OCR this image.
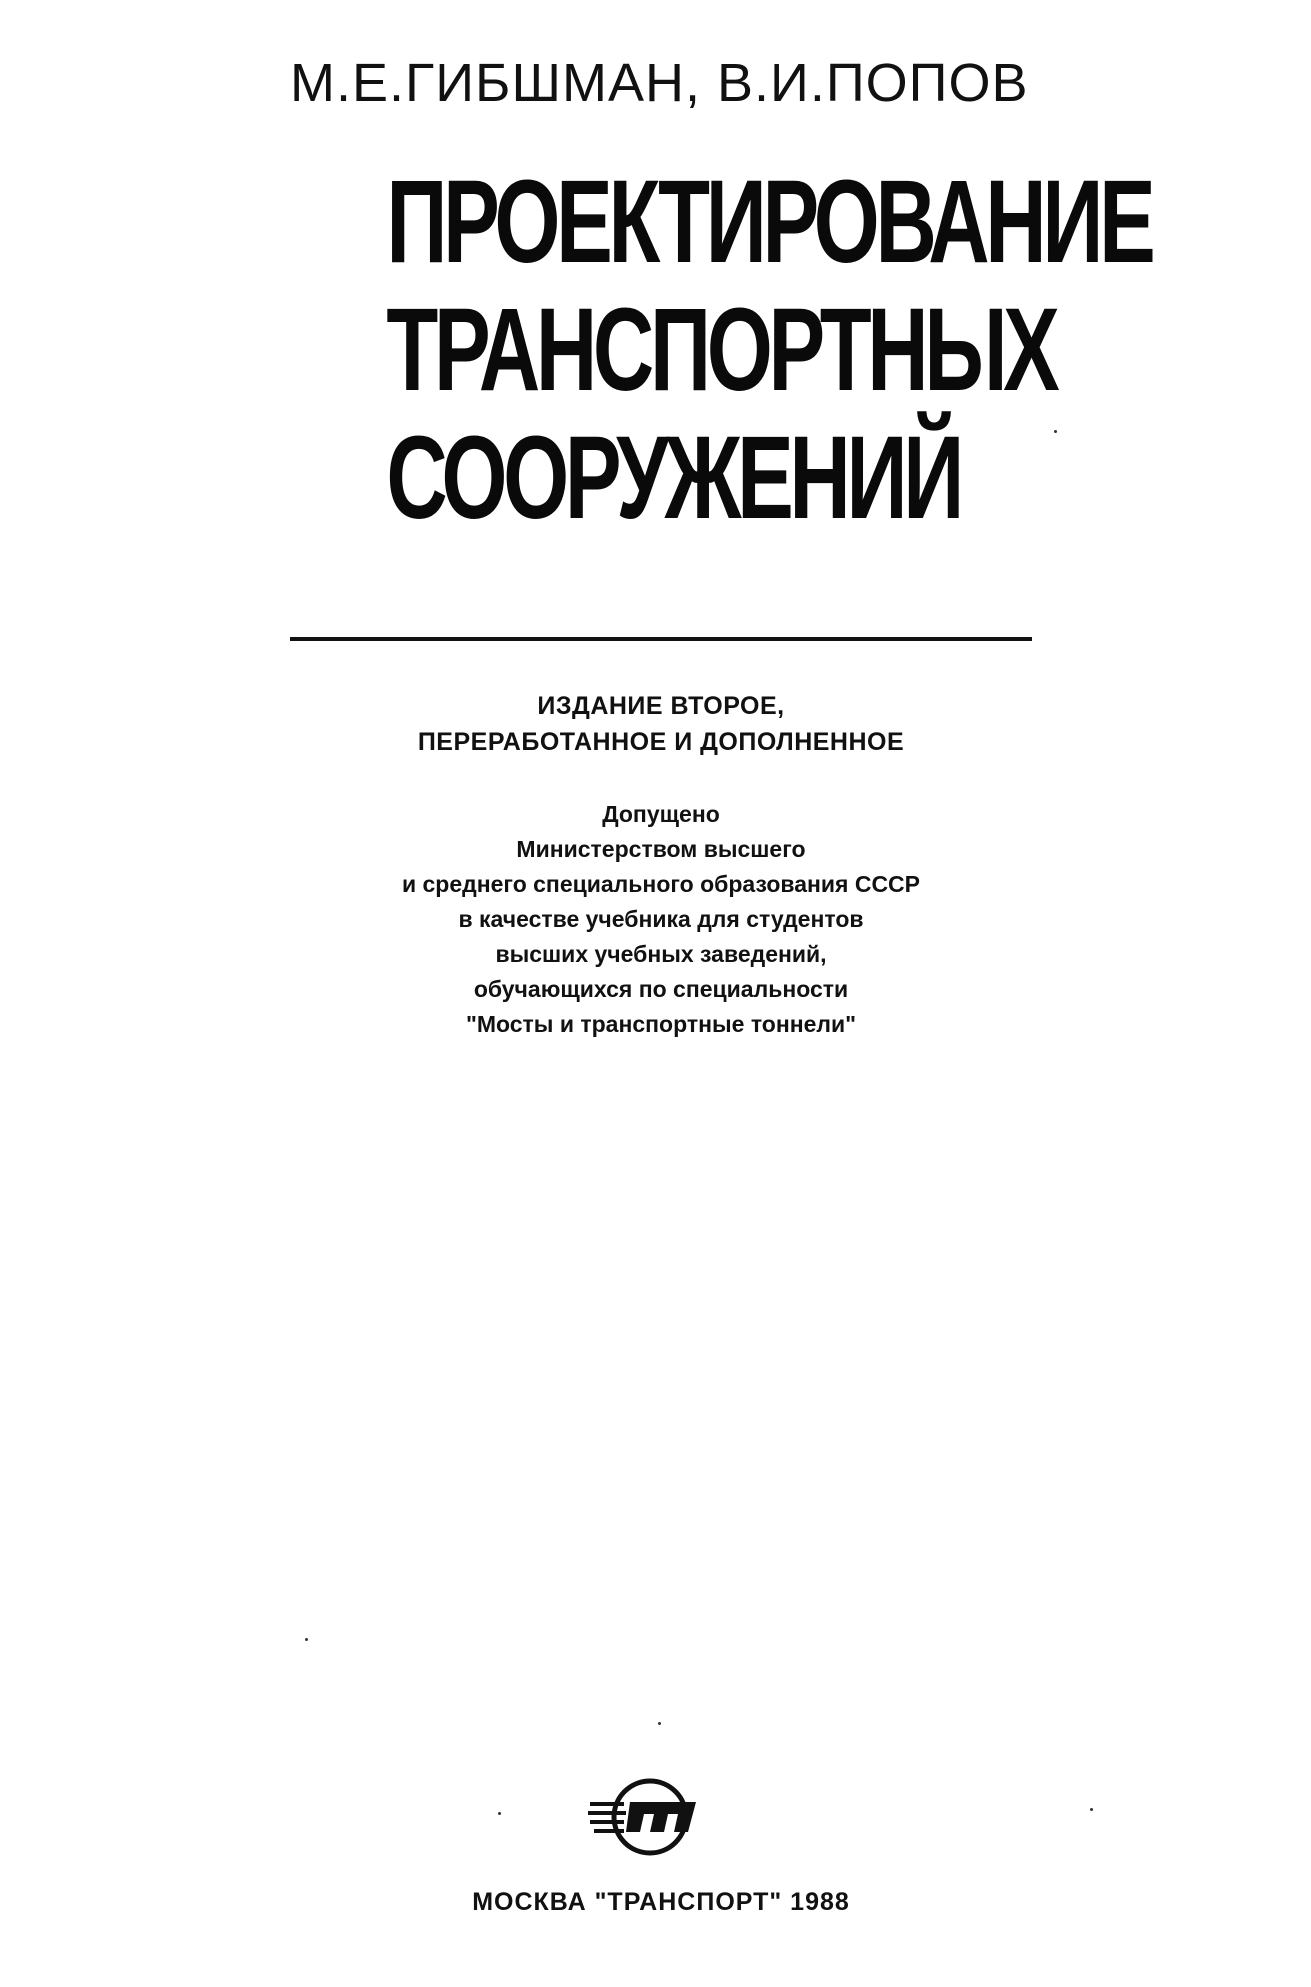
М.Е.ГИБШМАН, В.И.ПОПОВ
ПРОЕКТИРОВАНИЕ
ТРАНСПОРТНЫХ
СООРУЖЕНИЙ
ИЗДАНИЕ ВТОРОЕ,
ПЕРЕРАБОТАННОЕ И ДОПОЛНЕННОЕ
Допущено
Министерством высшего
и среднего специального образования СССР
в качестве учебника для студентов
высших учебных заведений,
обучающихся по специальности
"Мосты и транспортные тоннели"
МОСКВА "ТРАНСПОРТ" 1988
